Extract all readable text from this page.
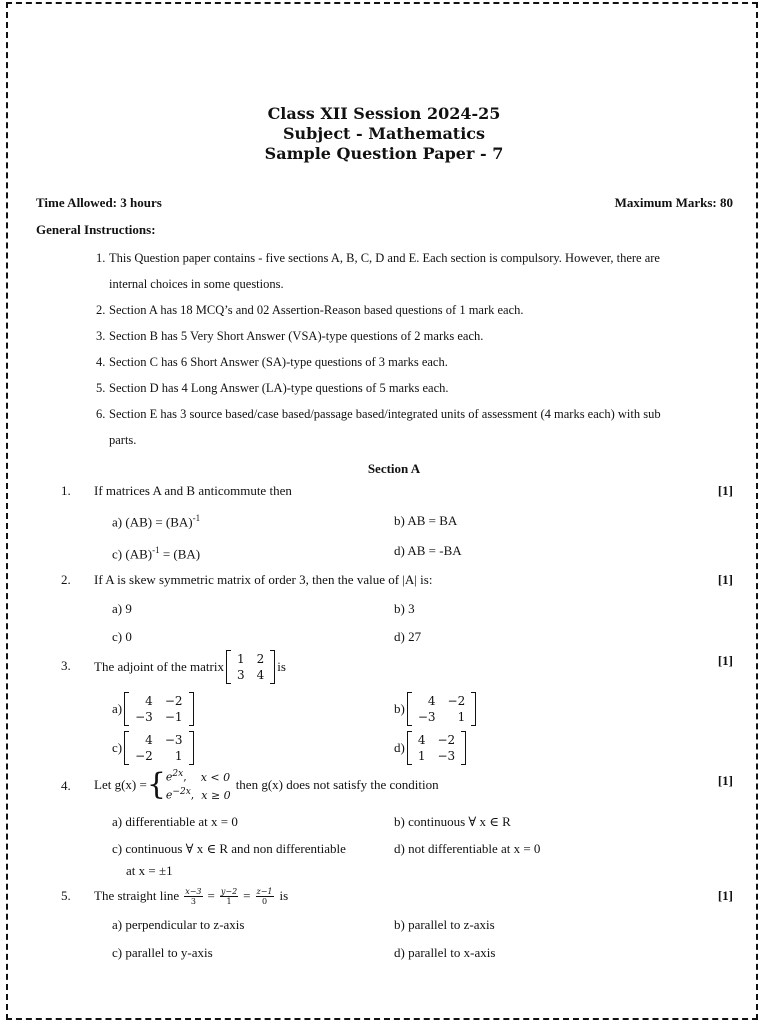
Class XII Session 2024-25
Subject - Mathematics
Sample Question Paper - 7
Time Allowed: 3 hours	Maximum Marks: 80
General Instructions:
1. This Question paper contains - five sections A, B, C, D and E. Each section is compulsory. However, there are
internal choices in some questions.
2. Section A has 18 MCQ’s and 02 Assertion-Reason based questions of 1 mark each.
3. Section B has 5 Very Short Answer (VSA)-type questions of 2 marks each.
4. Section C has 6 Short Answer (SA)-type questions of 3 marks each.
5. Section D has 4 Long Answer (LA)-type questions of 5 marks each.
6. Section E has 3 source based/case based/passage based/integrated units of assessment (4 marks each) with sub
parts.
Section A
1. If matrices A and B anticommute then	[1]
a) (AB) = (BA)$^{-1}$	b) AB = BA
c) (AB)$^{-1}$ = (BA)	d) AB = -BA
2. If A is skew symmetric matrix of order 3, then the value of |A| is:	[1]
a) 9	b) 3
c) 0	d) 27
3. The adjoint of the matrix 1	2
3	4
is	[1]
a) 4	−2
−3	−1
b) 4	−2
−3	1
c) 4	−3
−2	1
d) 4	−2
1	−3
4. Let g(x) = { $e^{2x}$, x < 0
$e^{-2x}$, x ≥ 0
then g(x) does not satisfy the condition	[1]
a) differentiable at x = 0	b) continuous ∀ x ∈ R
c) continuous ∀ x ∈ R and non differentiable
at x = ±1
d) not differentiable at x = 0
5. The straight line $\frac{x-3}{3} = \frac{y-2}{1} = \frac{z-1}{0}$ is	[1]
a) perpendicular to z-axis	b) parallel to z-axis
c) parallel to y-axis	d) parallel to x-axis
